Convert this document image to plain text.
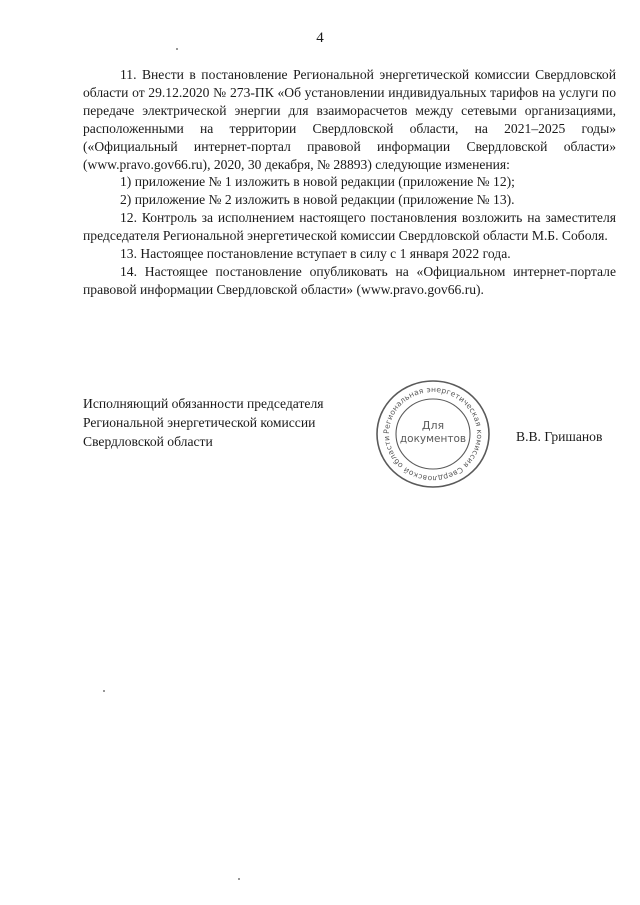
4

11. Внести в постановление Региональной энергетической комиссии Свердловской области от 29.12.2020 № 273-ПК «Об установлении индивидуальных тарифов на услуги по передаче электрической энергии для взаиморасчетов между сетевыми организациями, расположенными на территории Свердловской области, на 2021–2025 годы» («Официальный интернет-портал правовой информации Свердловской области» (www.pravo.gov66.ru), 2020, 30 декабря, № 28893) следующие изменения:

1) приложение № 1 изложить в новой редакции (приложение № 12);

2) приложение № 2 изложить в новой редакции (приложение № 13).

12. Контроль за исполнением настоящего постановления возложить на заместителя председателя Региональной энергетической комиссии Свердловской области М.Б. Соболя.

13. Настоящее постановление вступает в силу с 1 января 2022 года.

14. Настоящее постановление опубликовать на «Официальном интернет-портале правовой информации Свердловской области» (www.pravo.gov66.ru).

Исполняющий обязанности председателя
Региональной энергетической комиссии
Свердловской области
Региональная энергетическая комиссия Свердловской области
Для
документов	В.В. Гришанов
